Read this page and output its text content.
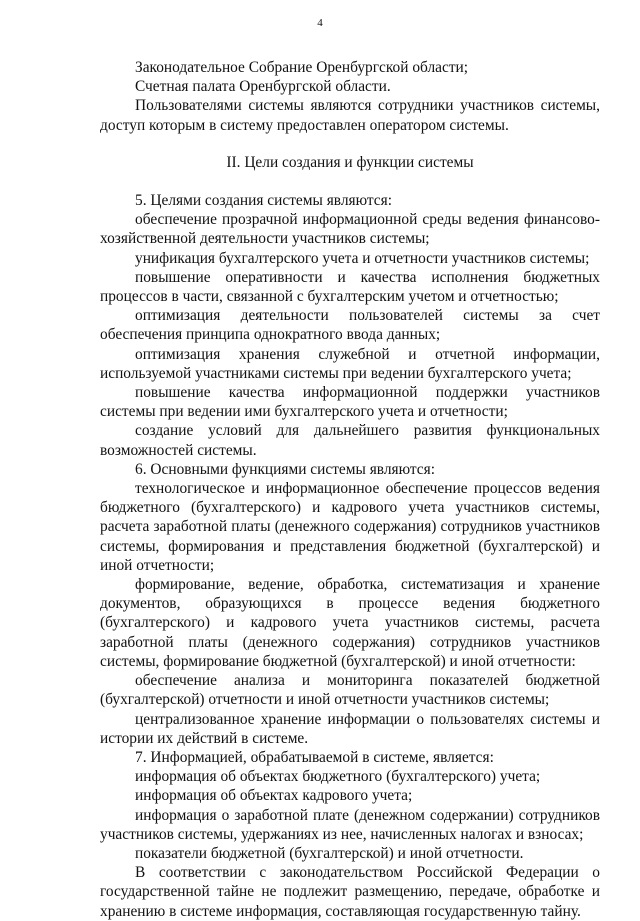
4

Законодательное Собрание Оренбургской области;

Счетная палата Оренбургской области.

Пользователями системы являются сотрудники участников системы, доступ которым в систему предоставлен оператором системы.

II. Цели создания и функции системы

5. Целями создания системы являются:

обеспечение прозрачной информационной среды ведения финансово-хозяйственной деятельности участников системы;

унификация бухгалтерского учета и отчетности участников системы;

повышение оперативности и качества исполнения бюджетных процессов в части, связанной с бухгалтерским учетом и отчетностью;

оптимизация деятельности пользователей системы за счет обеспечения принципа однократного ввода данных;

оптимизация хранения служебной и отчетной информации, используемой участниками системы при ведении бухгалтерского учета;

повышение качества информационной поддержки участников системы при ведении ими бухгалтерского учета и отчетности;

создание условий для дальнейшего развития функциональных возможностей системы.

6. Основными функциями системы являются:

технологическое и информационное обеспечение процессов ведения бюджетного (бухгалтерского) и кадрового учета участников системы, расчета заработной платы (денежного содержания) сотрудников участников системы, формирования и представления бюджетной (бухгалтерской) и иной отчетности;

формирование, ведение, обработка, систематизация и хранение документов, образующихся в процессе ведения бюджетного (бухгалтерского) и кадрового учета участников системы, расчета заработной платы (денежного содержания) сотрудников участников системы, формирование бюджетной (бухгалтерской) и иной отчетности:

обеспечение анализа и мониторинга показателей бюджетной (бухгалтерской) отчетности и иной отчетности участников системы;

централизованное хранение информации о пользователях системы и истории их действий в системе.

7. Информацией, обрабатываемой в системе, является:

информация об объектах бюджетного (бухгалтерского) учета;

информация об объектах кадрового учета;

информация о заработной плате (денежном содержании) сотрудников участников системы, удержаниях из нее, начисленных налогах и взносах;

показатели бюджетной (бухгалтерской) и иной отчетности.

В соответствии с законодательством Российской Федерации о государственной тайне не подлежит размещению, передаче, обработке и хранению в системе информация, составляющая государственную тайну.
